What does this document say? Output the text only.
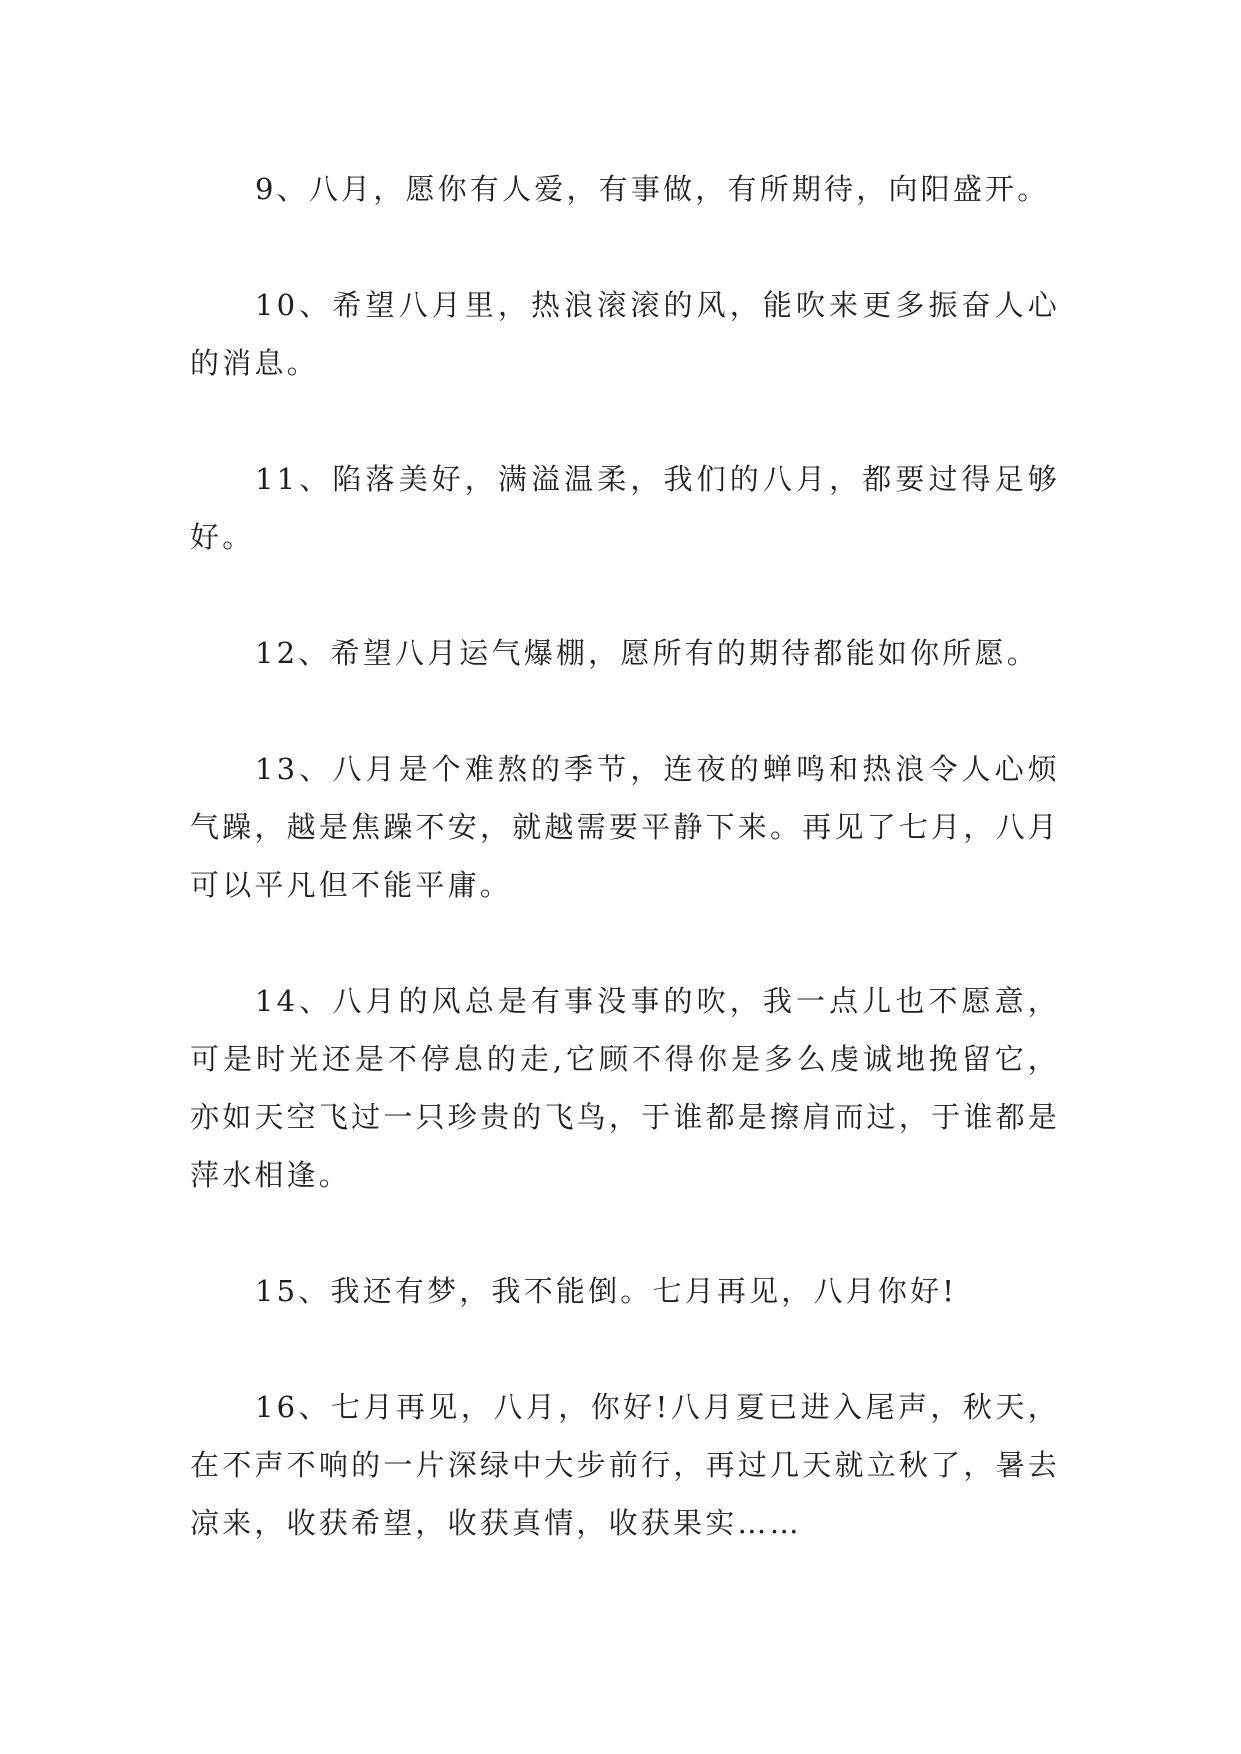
9、八月，愿你有人爱，有事做，有所期待，向阳盛开。

10、希望八月里，热浪滚滚的风，能吹来更多振奋人心的消息。

11、陷落美好，满溢温柔，我们的八月，都要过得足够好。

12、希望八月运气爆棚，愿所有的期待都能如你所愿。

13、八月是个难熬的季节，连夜的蝉鸣和热浪令人心烦气躁，越是焦躁不安，就越需要平静下来。再见了七月，八月可以平凡但不能平庸。

14、八月的风总是有事没事的吹，我一点儿也不愿意，可是时光还是不停息的走,它顾不得你是多么虔诚地挽留它，亦如天空飞过一只珍贵的飞鸟，于谁都是擦肩而过，于谁都是萍水相逢。

15、我还有梦，我不能倒。七月再见，八月你好!

16、七月再见，八月，你好!八月夏已进入尾声，秋天，在不声不响的一片深绿中大步前行，再过几天就立秋了，暑去凉来，收获希望，收获真情，收获果实……
